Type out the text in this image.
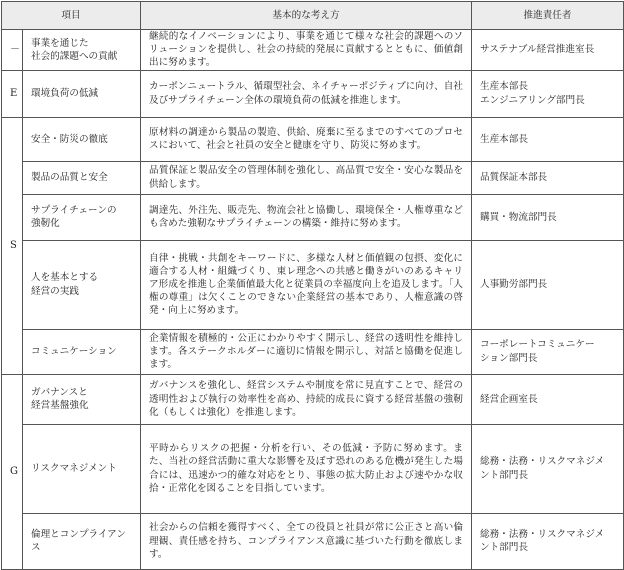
項目		基本的な考え方	推進責任者
－	事業を通じた
社会的課題への貢献	継続的なイノベーションにより、事業を通じて様々な社会的課題へのソリューションを提供し、社会の持続的発展に貢献するとともに、価値創出に努めます。	サステナブル経営推進室長

E	環境負荷の低減	カーボンニュートラル、循環型社会、ネイチャーポジティブに向け、自社及びサプライチェーン全体の環境負荷の低減を推進します。	生産本部長
エンジニアリング部門長

S	安全・防災の徹底	原材料の調達から製品の製造、供給、廃棄に至るまでのすべてのプロセスにおいて、社会と社員の安全と健康を守り、防災に努めます。	生産本部長

	製品の品質と安全	品質保証と製品安全の管理体制を強化し、高品質で安全・安心な製品を供給します。	品質保証本部長

	サプライチェーンの
強靭化	調達先、外注先、販売先、物流会社と協働し、環境保全・人権尊重なども含めた強靭なサプライチェーンの構築・維持に努めます。	購買・物流部門長

	人を基本とする
経営の実践	自律・挑戦・共創をキーワードに、多様な人材と価値観の包摂、変化に適合する人材・組織づくり、東レ理念への共感と働きがいのあるキャリア形成を推進し企業価値最大化と従業員の幸福度向上を追及します。「人権の尊重」は欠くことのできない企業経営の基本であり、人権意識の啓発・向上に努めます。	人事勤労部門長

	コミュニケーション	企業情報を積極的・公正にわかりやすく開示し、経営の透明性を維持します。各ステークホルダーに適切に情報を開示し、対話と協働を促進します。	コーポレートコミュニケー
ション部門長

G	ガバナンスと
経営基盤強化	ガバナンスを強化し、経営システムや制度を常に見直すことで、経営の透明性および執行の効率性を高め、持続的成長に資する経営基盤の強靭化（もしくは強化）を推進します。	経営企画室長

	リスクマネジメント	平時からリスクの把握・分析を行い、その低減・予防に努めます。また、当社の経営活動に重大な影響を及ぼす恐れのある危機が発生した場合には、迅速かつ的確な対応をとり、事態の拡大防止および速やかな収拾・正常化を図ることを目指しています。	総務・法務・リスクマネジメ
ント部門長

	倫理とコンプライアンス	社会からの信頼を獲得すべく、全ての役員と社員が常に公正さと高い倫理観、責任感を持ち、コンプライアンス意識に基づいた行動を徹底します。	総務・法務・リスクマネジメ
ント部門長
